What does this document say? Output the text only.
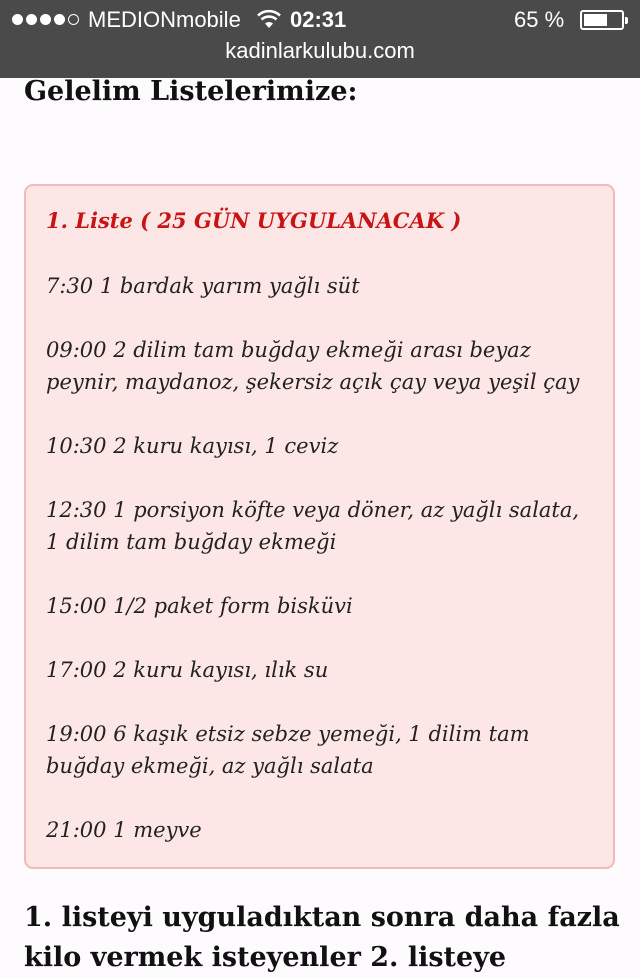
MEDIONmobile 02:31	65 %
kadinlarkulubu.com
Gelelim Listelerimize:
1. Liste ( 25 GÜN UYGULANACAK )
7:30 1 bardak yarım yağlı süt
09:00 2 dilim tam buğday ekmeği arası beyaz peynir, maydanoz, şekersiz açık çay veya yeşil çay
10:30 2 kuru kayısı, 1 ceviz
12:30 1 porsiyon köfte veya döner, az yağlı salata, 1 dilim tam buğday ekmeği
15:00 1/2 paket form bisküvi
17:00 2 kuru kayısı, ılık su
19:00 6 kaşık etsiz sebze yemeği, 1 dilim tam buğday ekmeği, az yağlı salata
21:00 1 meyve
1. listeyi uyguladıktan sonra daha fazla kilo vermek isteyenler 2. listeye
